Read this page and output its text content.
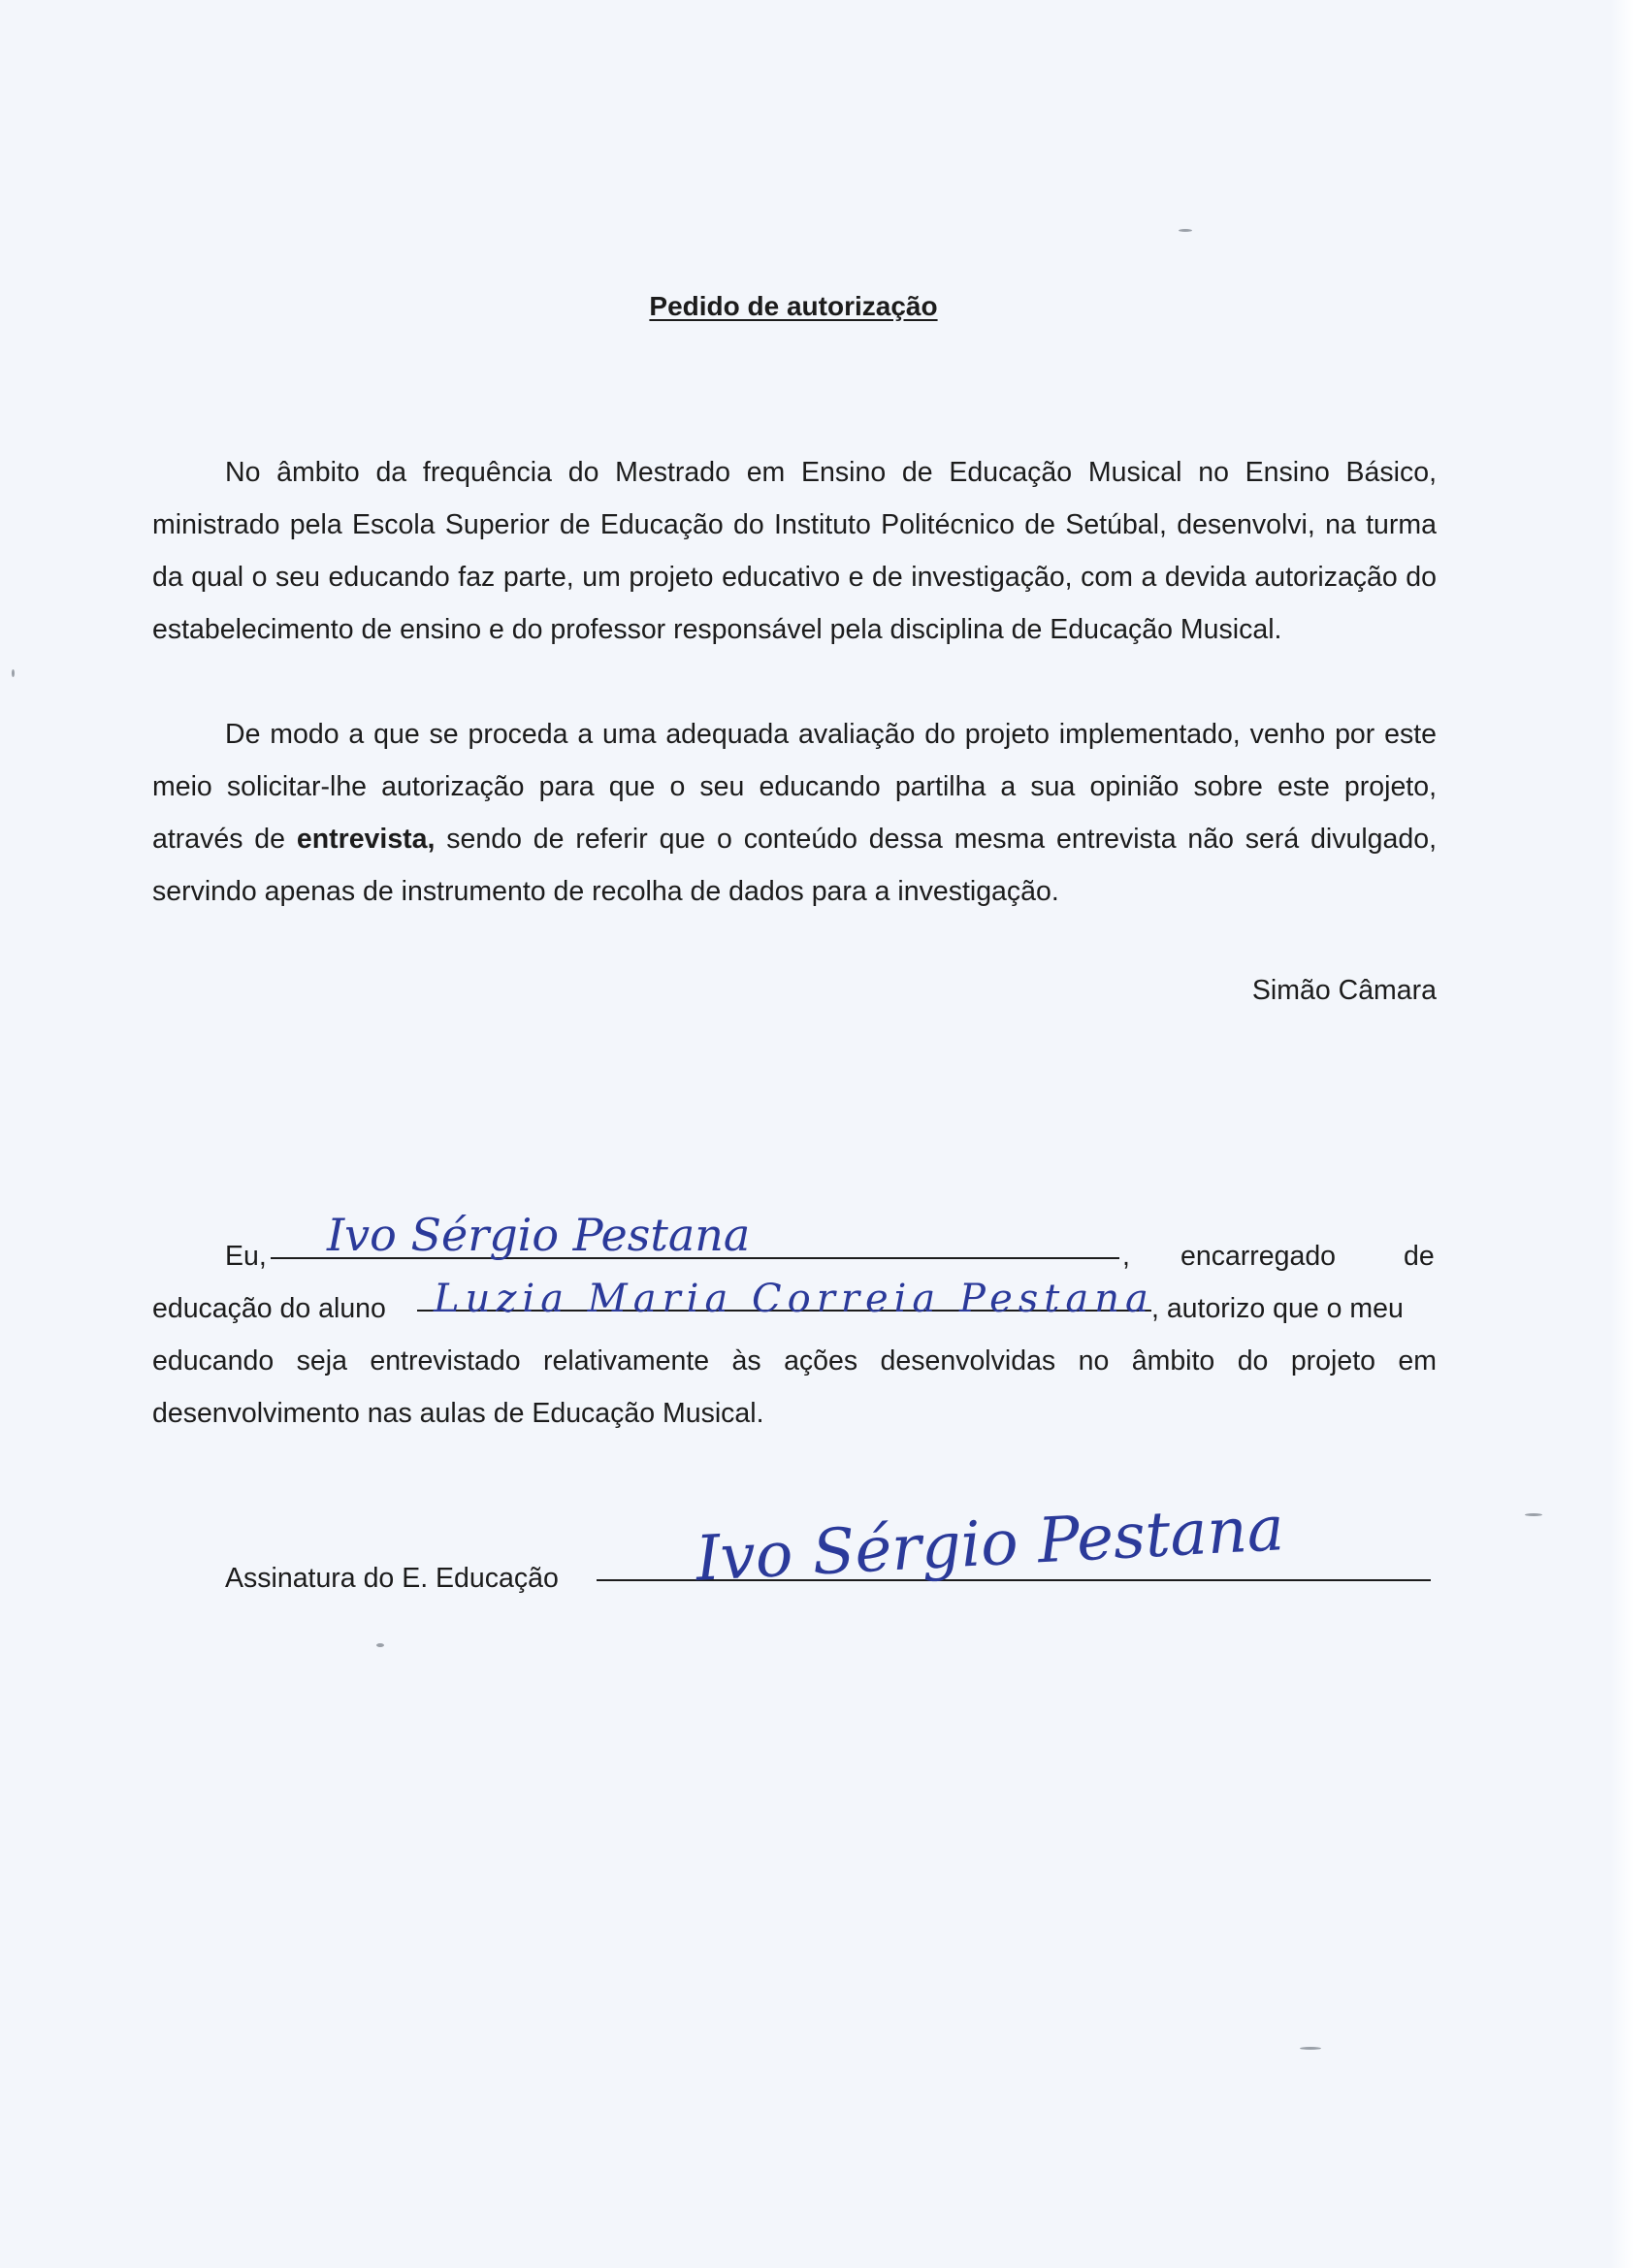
Pedido de autorização

No âmbito da frequência do Mestrado em Ensino de Educação Musical no Ensino Básico, ministrado pela Escola Superior de Educação do Instituto Politécnico de Setúbal, desenvolvi, na turma da qual o seu educando faz parte, um projeto educativo e de investigação, com a devida autorização do estabelecimento de ensino e do professor responsável pela disciplina de Educação Musical.

De modo a que se proceda a uma adequada avaliação do projeto implementado, venho por este meio solicitar-lhe autorização para que o seu educando partilha a sua opinião sobre este projeto, através de entrevista, sendo de referir que o conteúdo dessa mesma entrevista não será divulgado, servindo apenas de instrumento de recolha de dados para a investigação.

Simão Câmara
Eu, Ivo Sérgio Pestana	, encarregado de
educação do aluno Luzia Maria Correia Pestana
, autorizo que o meu
educando seja entrevistado relativamente às ações desenvolvidas no âmbito do projeto em
desenvolvimento nas aulas de Educação Musical.
Assinatura do E. Educação Ivo Sérgio Pestana
